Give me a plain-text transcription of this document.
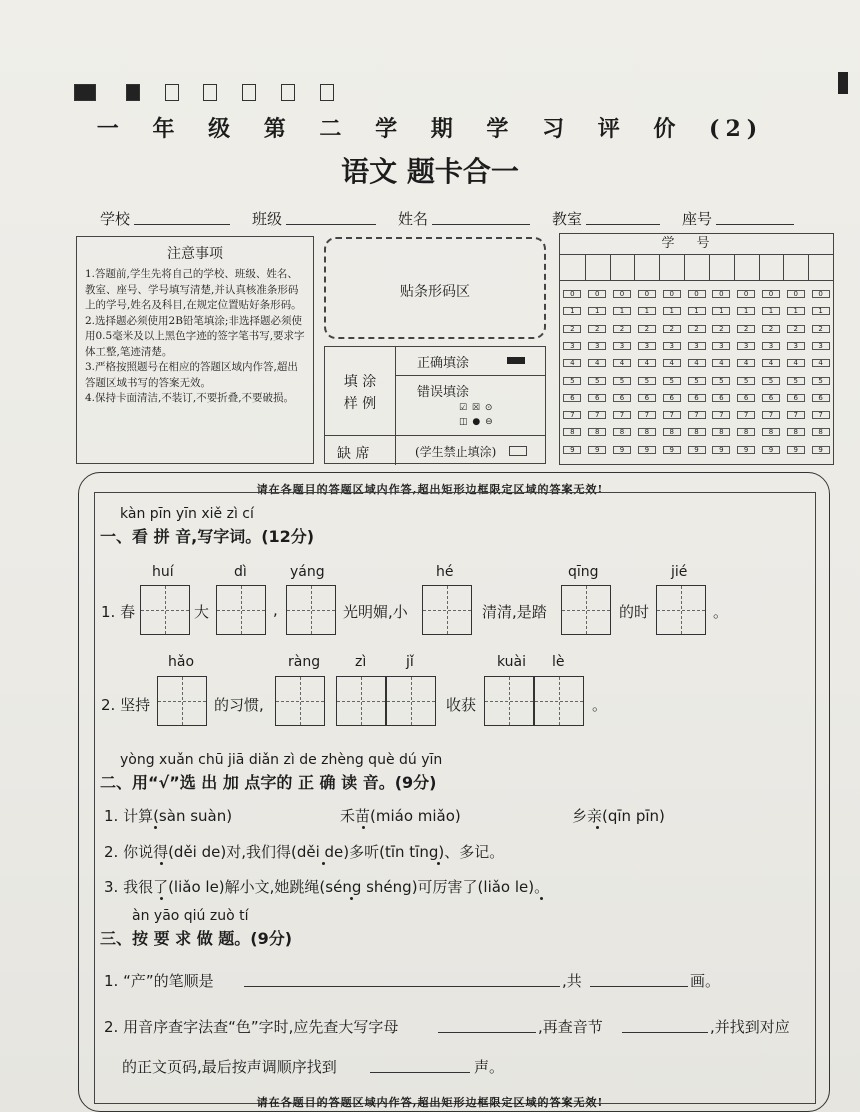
一 年 级 第 二 学 期 学 习 评 价 (2)
语文 题卡合一
学校	班级	姓名	教室	座号
注意事项
1.答题前,学生先将自己的学校、班级、姓名、教室、座号、学号填写清楚,并认真核准条形码上的学号,姓名及科目,在规定位置贴好条形码。
2.选择题必须使用2B铅笔填涂;非选择题必须使用0.5毫米及以上黑色字迹的签字笔书写,要求字体工整,笔迹清楚。
3.严格按照题号在相应的答题区域内作答,超出答题区域书写的答案无效。
4.保持卡面清洁,不装订,不要折叠,不要破损。
贴条形码区
填 涂 样 例
正确填涂
错误填涂
☑ ☒ ⊙
◫ ● ⊖
缺 席	(学生禁止填涂)
学号
0	0	0	0	0	0	0	0	0	0	0
1	1	1	1	1	1	1	1	1	1	1
2	2	2	2	2	2	2	2	2	2	2
3	3	3	3	3	3	3	3	3	3	3
4	4	4	4	4	4	4	4	4	4	4
5	5	5	5	5	5	5	5	5	5	5
6	6	6	6	6	6	6	6	6	6	6
7	7	7	7	7	7	7	7	7	7	7
8	8	8	8	8	8	8	8	8	8	8
9	9	9	9	9	9	9	9	9	9	9
请在各题目的答题区域内作答,超出矩形边框限定区域的答案无效!
kàn pīn yīn xiě zì cí
一、看 拼 音,写字词。(12分)
huí	dì	yáng	hé	qīng	jié
1. 春	大	,	光明媚,小	清清,是踏	的时	。
hǎo	ràng zì	jǐ	kuài lè
2. 坚持	的习惯,	收获	。
yòng xuǎn chū jiā diǎn zì de zhèng què dú yīn
二、用“√”选 出 加 点字的 正 确 读 音。(9分)
1. 计算(sàn suàn)	禾苗(miáo miǎo)	乡亲(qīn pīn)
2. 你说得(děi de)对,我们得(děi de)多听(tīn tīng)、多记。
3. 我很了(liǎo le)解小文,她跳绳(séng shéng)可厉害了(liǎo le)。
àn yāo qiú zuò tí
三、按 要 求 做 题。(9分)
1. “产”的笔顺是	,共	画。
2. 用音序查字法查“色”字时,应先查大写字母	,再查音节	,并找到对应
的正文页码,最后按声调顺序找到	声。
请在各题目的答题区域内作答,超出矩形边框限定区域的答案无效!
